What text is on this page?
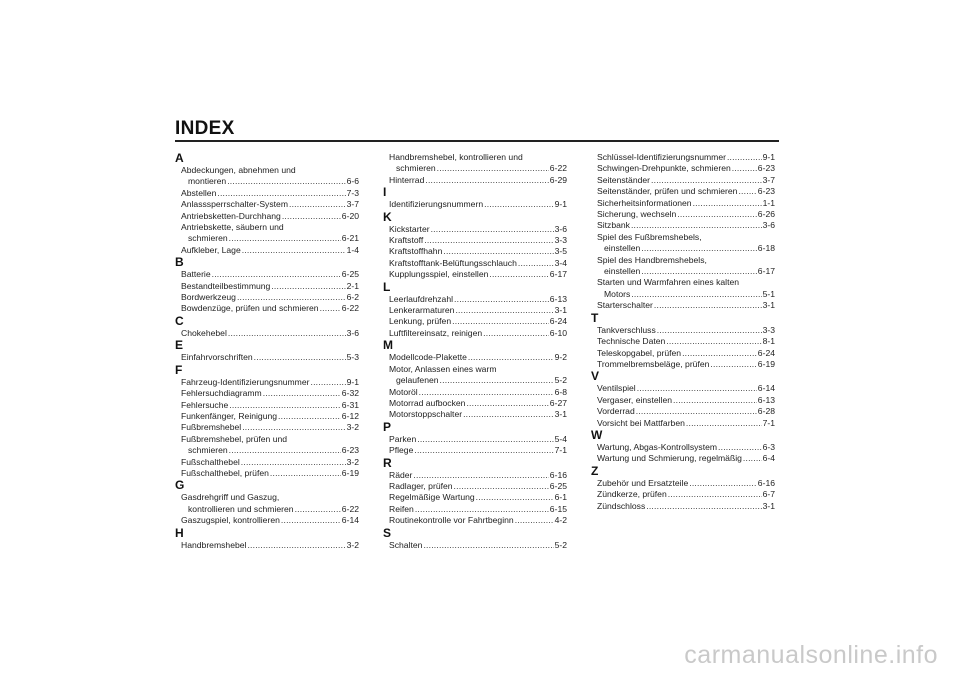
INDEX
A
Abdeckungen, abnehmen und
montieren .....	6-6
Abstellen .....	7-3
Anlasssperrschalter-System .....	3-7
Antriebsketten-Durchhang .....	6-20
Antriebskette, säubern und
schmieren .....	6-21
Aufkleber, Lage .....	1-4
B
Batterie .....	6-25
Bestandteilbestimmung .....	2-1
Bordwerkzeug .....	6-2
Bowdenzüge, prüfen und schmieren .....	6-22
C
Chokehebel .....	3-6
E
Einfahrvorschriften .....	5-3
F
Fahrzeug-Identifizierungsnummer .....	9-1
Fehlersuchdiagramm .....	6-32
Fehlersuche .....	6-31
Funkenfänger, Reinigung .....	6-12
Fußbremshebel .....	3-2
Fußbremshebel, prüfen und
schmieren .....	6-23
Fußschalthebel .....	3-2
Fußschalthebel, prüfen .....	6-19
G
Gasdrehgriff und Gaszug,
kontrollieren und schmieren .....	6-22
Gaszugspiel, kontrollieren .....	6-14
H
Handbremshebel .....	3-2
Handbremshebel, kontrollieren und
schmieren .....	6-22
Hinterrad .....	6-29
I
Identifizierungsnummern .....	9-1
K
Kickstarter .....	3-6
Kraftstoff .....	3-3
Kraftstoffhahn .....	3-5
Kraftstofftank-Belüftungsschlauch .....	3-4
Kupplungsspiel, einstellen .....	6-17
L
Leerlaufdrehzahl .....	6-13
Lenkerarmaturen .....	3-1
Lenkung, prüfen .....	6-24
Luftfiltereinsatz, reinigen .....	6-10
M
Modellcode-Plakette .....	9-2
Motor, Anlassen eines warm
gelaufenen .....	5-2
Motoröl .....	6-8
Motorrad aufbocken .....	6-27
Motorstoppschalter .....	3-1
P
Parken .....	5-4
Pflege .....	7-1
R
Räder .....	6-16
Radlager, prüfen .....	6-25
Regelmäßige Wartung .....	6-1
Reifen .....	6-15
Routinekontrolle vor Fahrtbeginn .....	4-2
S
Schalten .....	5-2
Schlüssel-Identifizierungsnummer .....	9-1
Schwingen-Drehpunkte, schmieren .....	6-23
Seitenständer .....	3-7
Seitenständer, prüfen und schmieren ..... 6-23
Sicherheitsinformationen .....	1-1
Sicherung, wechseln .....	6-26
Sitzbank .....	3-6
Spiel des Fußbremshebels,
einstellen .....	6-18
Spiel des Handbremshebels,
einstellen .....	6-17
Starten und Warmfahren eines kalten
Motors .....	5-1
Starterschalter .....	3-1
T
Tankverschluss .....	3-3
Technische Daten .....	8-1
Teleskopgabel, prüfen .....	6-24
Trommelbremsbeläge, prüfen .....	6-19
V
Ventilspiel .....	6-14
Vergaser, einstellen .....	6-13
Vorderrad .....	6-28
Vorsicht bei Mattfarben .....	7-1
W
Wartung, Abgas-Kontrollsystem .....	6-3
Wartung und Schmierung, regelmäßig ..... 6-4
Z
Zubehör und Ersatzteile .....	6-16
Zündkerze, prüfen .....	6-7
Zündschloss .....	3-1
carmanualsonline.info
